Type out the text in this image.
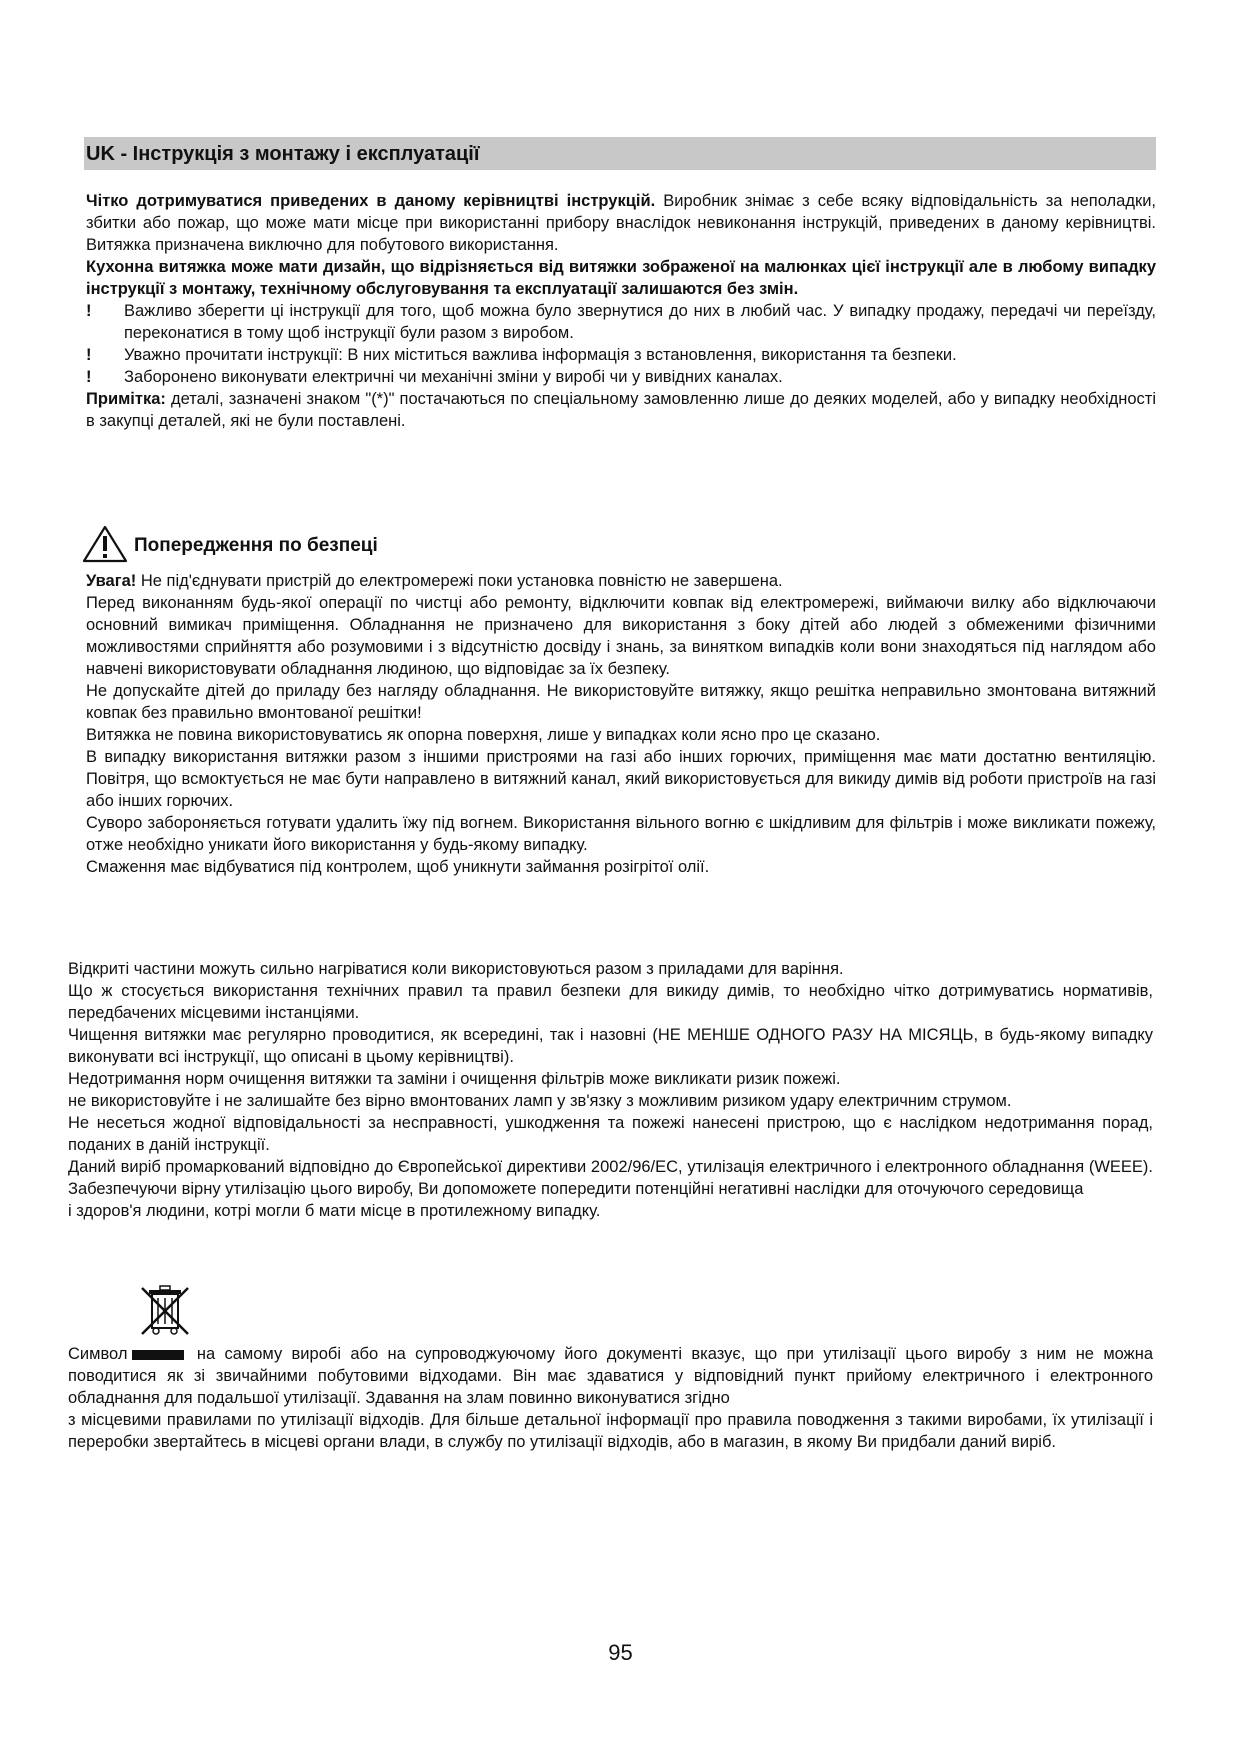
UK - Інструкція з монтажу і експлуатації

Чітко дотримуватися приведених в даному керівництві інструкцій. Виробник знімає з себе всяку відповідальність за неполадки, збитки або пожар, що може мати місце при використанні прибору внаслідок невиконання інструкцій, приведених в даному керівництві. Витяжка призначена виключно для побутового використання.

Кухонна витяжка може мати дизайн, що відрізняється від витяжки зображеної на малюнках цієї інструкції але в любому випадку інструкції з монтажу, технічному обслуговування та експлуатації залишаются без змін.

!	Важливо зберегти ці інструкції для того, щоб можна було звернутися до них в любий час. У випадку продажу, передачі чи переїзду, переконатися в тому щоб інструкції були разом з виробом.
!	Уважно прочитати інструкції: В них міститься важлива інформація з встановлення, використання та безпеки.
!	Заборонено виконувати електричні чи механічні зміни у виробі чи у вивідних каналах.

Примітка: деталі, зазначені знаком "(*)" постачаються по спеціальному замовленню лише до деяких моделей, або у випадку необхідності в закупці деталей, які не були поставлені.

Попередження по безпеці

Увага! Не під'єднувати пристрій до електромережі поки установка повністю не завершена.

Перед виконанням будь-якої операції по чистці або ремонту, відключити ковпак від електромережі, виймаючи вилку або відключаючи основний вимикач приміщення. Обладнання не призначено для використання з боку дітей або людей з обмеженими фізичними можливостями сприйняття або розумовими і з відсутністю досвіду і знань, за винятком випадків коли вони знаходяться під наглядом або навчені використовувати обладнання людиною, що відповідає за їх безпеку.

Не допускайте дітей до приладу без нагляду обладнання. Не використовуйте витяжку, якщо решітка неправильно змонтована витяжний ковпак без правильно вмонтованої решітки!

Витяжка не повина використовуватись як опорна поверхня, лише у випадках коли ясно про це сказано.

В випадку використання витяжки разом з іншими пристроями на газі або інших горючих, приміщення має мати достатню вентиляцію. Повітря, що всмоктується не має бути направлено в витяжний канал, який використовується для викиду димів від роботи пристроїв на газі або інших горючих.

Суворо забороняється готувати удалить їжу під вогнем. Використання вільного вогню є шкідливим для фільтрів і може викликати пожежу, отже необхідно уникати його використання у будь-якому випадку.

Смаження має відбуватися під контролем, щоб уникнути займання розігрітої олії.

Відкриті частини можуть сильно нагріватися коли використовуються разом з приладами для варіння.

Що ж стосується використання технічних правил та правил безпеки для викиду димів, то необхідно чітко дотримуватись нормативів, передбачених місцевими інстанціями.

Чищення витяжки має регулярно проводитися, як всередині, так і назовні (НЕ МЕНШЕ ОДНОГО РАЗУ НА МІСЯЦЬ, в будь-якому випадку виконувати всі інструкції, що описані в цьому керівництві).

Недотримання норм очищення витяжки та заміни і очищення фільтрів може викликати ризик пожежі.

не використовуйте і не залишайте без вірно вмонтованих ламп у зв'язку з можливим ризиком удару електричним струмом.

Не несеться жодної відповідальності за несправності, ушкодження та пожежі нанесені пристрою, що є наслідком недотримання порад, поданих в даній інструкції.

Даний виріб промаркований відповідно до Європейської директиви 2002/96/EC, утилізація електричного і електронного обладнання (WEEE). Забезпечуючи вірну утилізацію цього виробу, Ви допоможете попередити потенційні негативні наслідки для оточуючого середовища

і здоров'я людини, котрі могли б мати місце в протилежному випадку.

Символ	на самому виробі або на супроводжуючому його документі вказує, що при утилізації цього виробу з ним не можна поводитися як зі звичайними побутовими відходами. Він має здаватися у відповідний пункт прийому електричного і електронного обладнання для подальшої утилізації. Здавання на злам повинно виконуватися згідно

з місцевими правилами по утилізації відходів. Для більше детальної інформації про правила поводження з такими виробами, їх утилізації і переробки звертайтесь в місцеві органи влади, в службу по утилізації відходів, або в магазин, в якому Ви придбали даний виріб.

95
